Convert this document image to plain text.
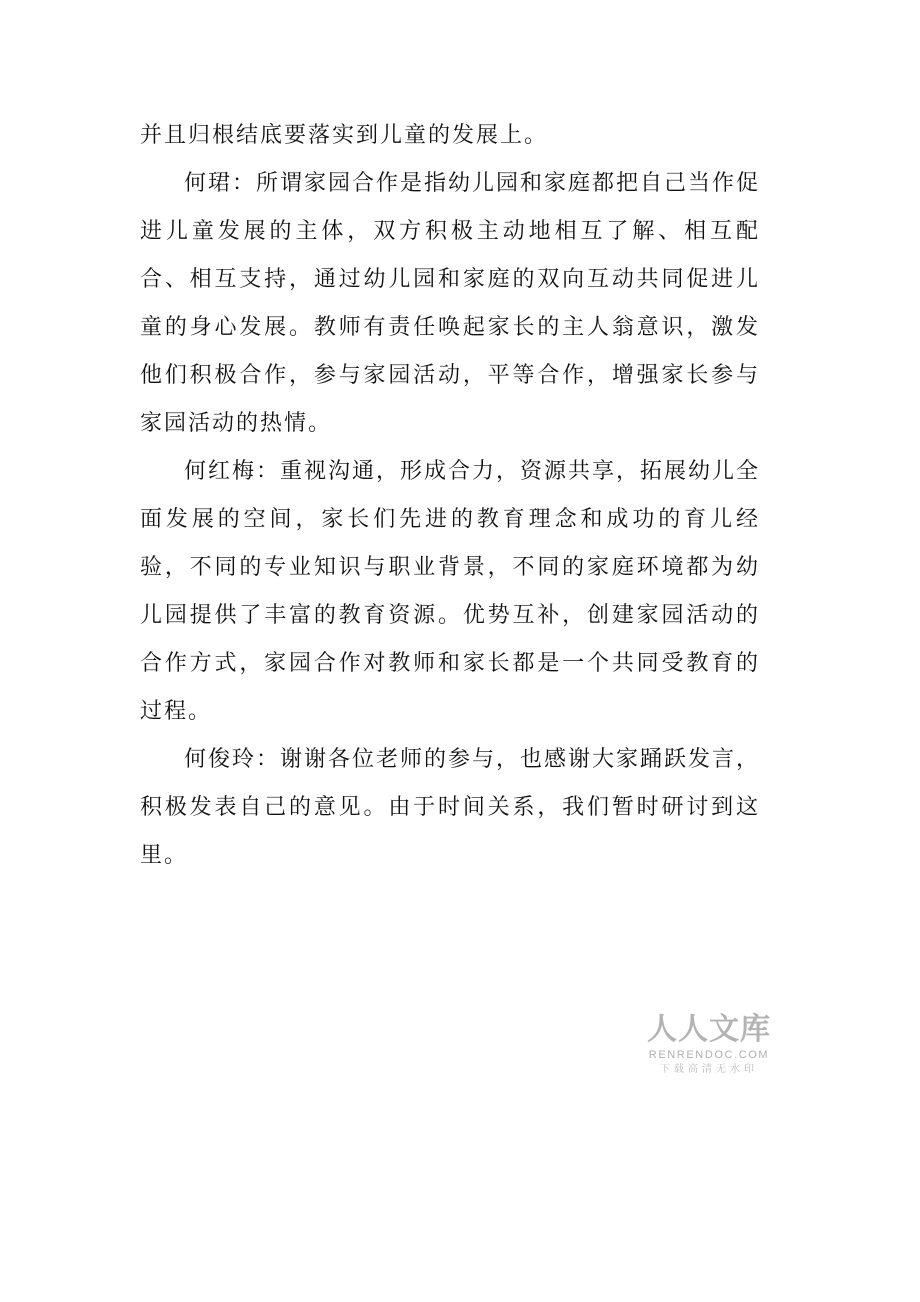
并且归根结底要落实到儿童的发展上。

何珺：所谓家园合作是指幼儿园和家庭都把自己当作促进儿童发展的主体，双方积极主动地相互了解、相互配合、相互支持，通过幼儿园和家庭的双向互动共同促进儿童的身心发展。教师有责任唤起家长的主人翁意识，激发他们积极合作，参与家园活动，平等合作，增强家长参与家园活动的热情。

何红梅：重视沟通，形成合力，资源共享，拓展幼儿全面发展的空间，家长们先进的教育理念和成功的育儿经验，不同的专业知识与职业背景，不同的家庭环境都为幼儿园提供了丰富的教育资源。优势互补，创建家园活动的合作方式，家园合作对教师和家长都是一个共同受教育的过程。

何俊玲：谢谢各位老师的参与，也感谢大家踊跃发言，积极发表自己的意见。由于时间关系，我们暂时研讨到这里。

人人文库
RENRENDOC.COM
下载高清无水印
